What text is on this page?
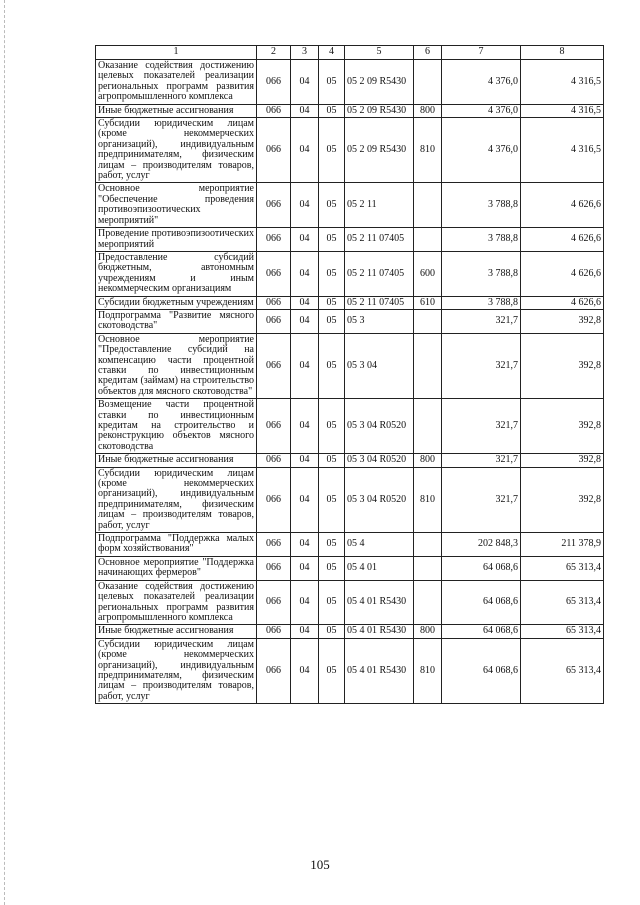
1	2	3	4	5	6	7	8
Оказание содействия достижению целевых показателей реализации региональных программ развития агропромышленного комплекса	066	04	05	05 2 09 R5430		4 376,0	4 316,5
Иные бюджетные ассигнования	066	04	05	05 2 09 R5430	800	4 376,0	4 316,5
Субсидии юридическим лицам (кроме некоммерческих организаций), индивидуальным предпринимателям, физическим лицам – производителям товаров, работ, услуг	066	04	05	05 2 09 R5430	810	4 376,0	4 316,5
Основное мероприятие "Обеспечение проведения противоэпизоотических мероприятий"	066	04	05	05 2 11		3 788,8	4 626,6
Проведение противоэпизоотических мероприятий	066	04	05	05 2 11 07405		3 788,8	4 626,6
Предоставление субсидий бюджетным, автономным учреждениям и иным некоммерческим организациям	066	04	05	05 2 11 07405	600	3 788,8	4 626,6
Субсидии бюджетным учреждениям	066	04	05	05 2 11 07405	610	3 788,8	4 626,6
Подпрограмма "Развитие мясного скотоводства"	066	04	05	05 3		321,7	392,8
Основное мероприятие "Предоставление субсидий на компенсацию части процентной ставки по инвестиционным кредитам (займам) на строительство объектов для мясного скотоводства"	066	04	05	05 3 04		321,7	392,8
Возмещение части процентной ставки по инвестиционным кредитам на строительство и реконструкцию объектов мясного скотоводства	066	04	05	05 3 04 R0520		321,7	392,8
Иные бюджетные ассигнования	066	04	05	05 3 04 R0520	800	321,7	392,8
Субсидии юридическим лицам (кроме некоммерческих организаций), индивидуальным предпринимателям, физическим лицам – производителям товаров, работ, услуг	066	04	05	05 3 04 R0520	810	321,7	392,8
Подпрограмма "Поддержка малых форм хозяйствования"	066	04	05	05 4		202 848,3	211 378,9
Основное мероприятие "Поддержка начинающих фермеров"	066	04	05	05 4 01		64 068,6	65 313,4
Оказание содействия достижению целевых показателей реализации региональных программ развития агропромышленного комплекса	066	04	05	05 4 01 R5430		64 068,6	65 313,4
Иные бюджетные ассигнования	066	04	05	05 4 01 R5430	800	64 068,6	65 313,4
Субсидии юридическим лицам (кроме некоммерческих организаций), индивидуальным предпринимателям, физическим лицам – производителям товаров, работ, услуг	066	04	05	05 4 01 R5430	810	64 068,6	65 313,4
105
